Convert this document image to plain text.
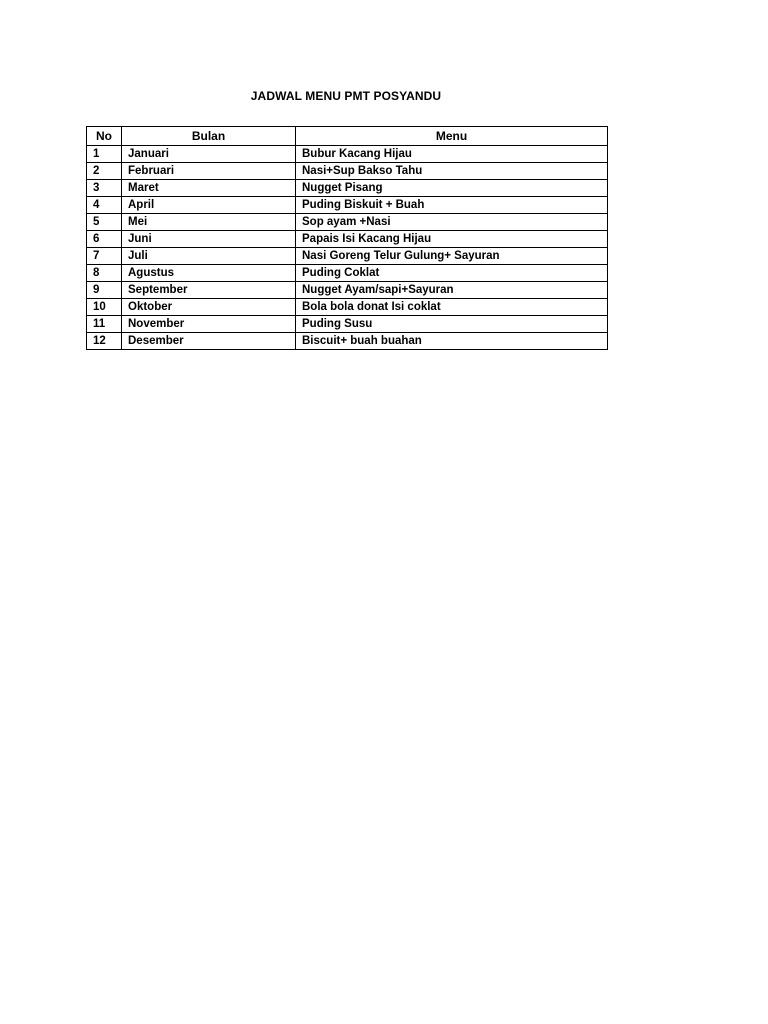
JADWAL MENU PMT POSYANDU
No	Bulan	Menu
1	Januari	Bubur Kacang Hijau
2	Februari	Nasi+Sup Bakso Tahu
3	Maret	Nugget Pisang
4	April	Puding Biskuit + Buah
5	Mei	Sop ayam +Nasi
6	Juni	Papais Isi Kacang Hijau
7	Juli	Nasi Goreng Telur Gulung+ Sayuran
8	Agustus	Puding Coklat
9	September	Nugget Ayam/sapi+Sayuran
10	Oktober	Bola bola donat Isi coklat
11	November	Puding Susu
12	Desember	Biscuit+ buah buahan
